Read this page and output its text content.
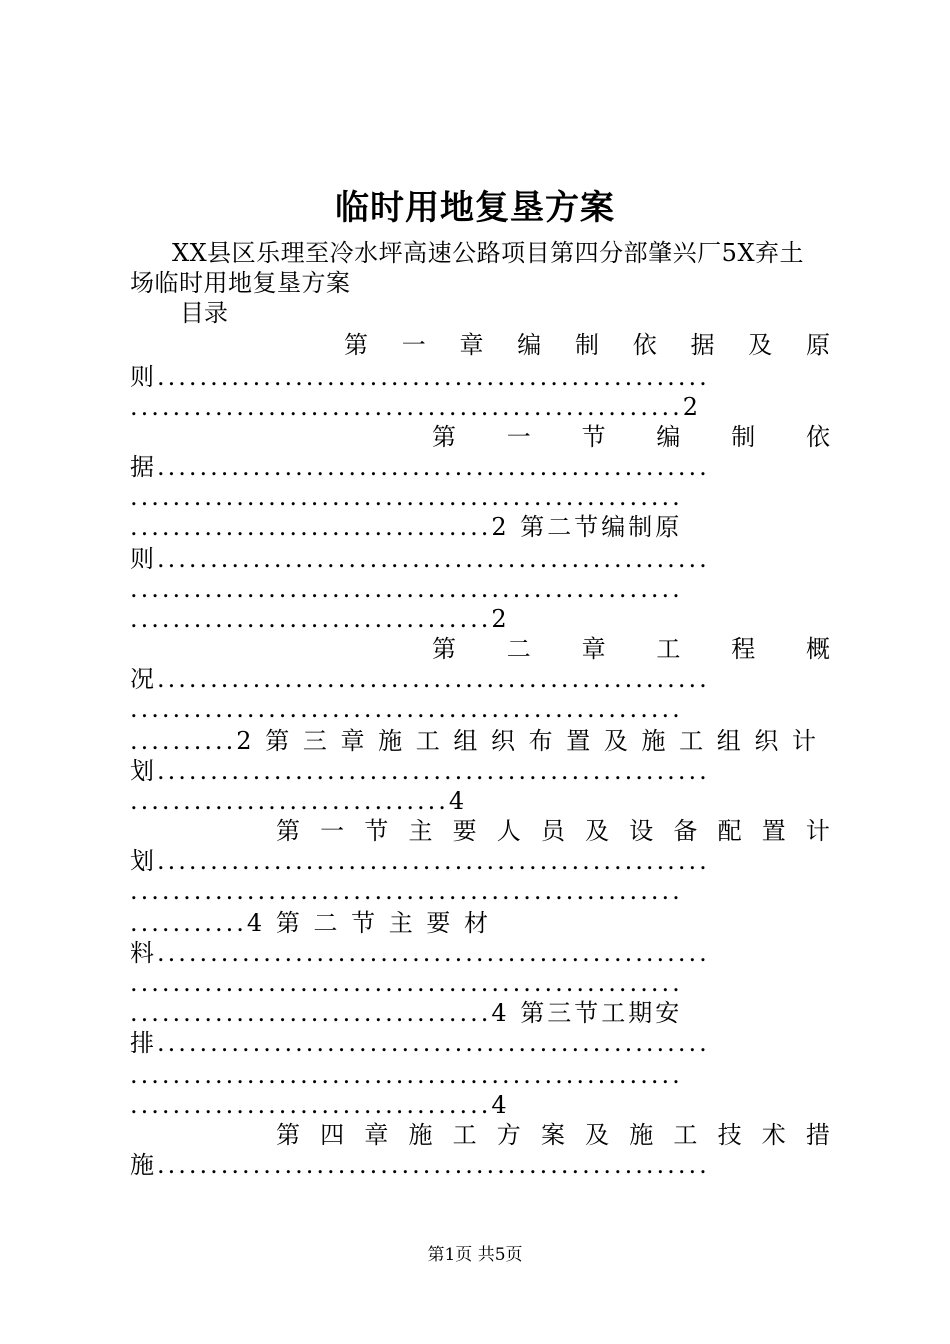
临时用地复垦方案
XX县区乐理至冷水坪高速公路项目第四分部肇兴厂5X弃土
场临时用地复垦方案
目录
第 一 章 编 制 依 据 及 原
则....................................................
....................................................2
第 一 节 编 制 依
据....................................................
....................................................
..................................2 第二节编制原
则....................................................
....................................................
..................................2
第 二 章 工 程 概
况....................................................
....................................................
..........2 第 三 章 施 工 组 织 布 置 及 施 工 组 织 计
划....................................................
..............................4
第 一 节 主 要 人 员 及 设 备 配 置 计
划....................................................
....................................................
...........4 第 二 节 主 要 材
料....................................................
....................................................
..................................4 第三节工期安
排....................................................
....................................................
..................................4
第 四 章 施 工 方 案 及 施 工 技 术 措
施....................................................
第1页 共5页
